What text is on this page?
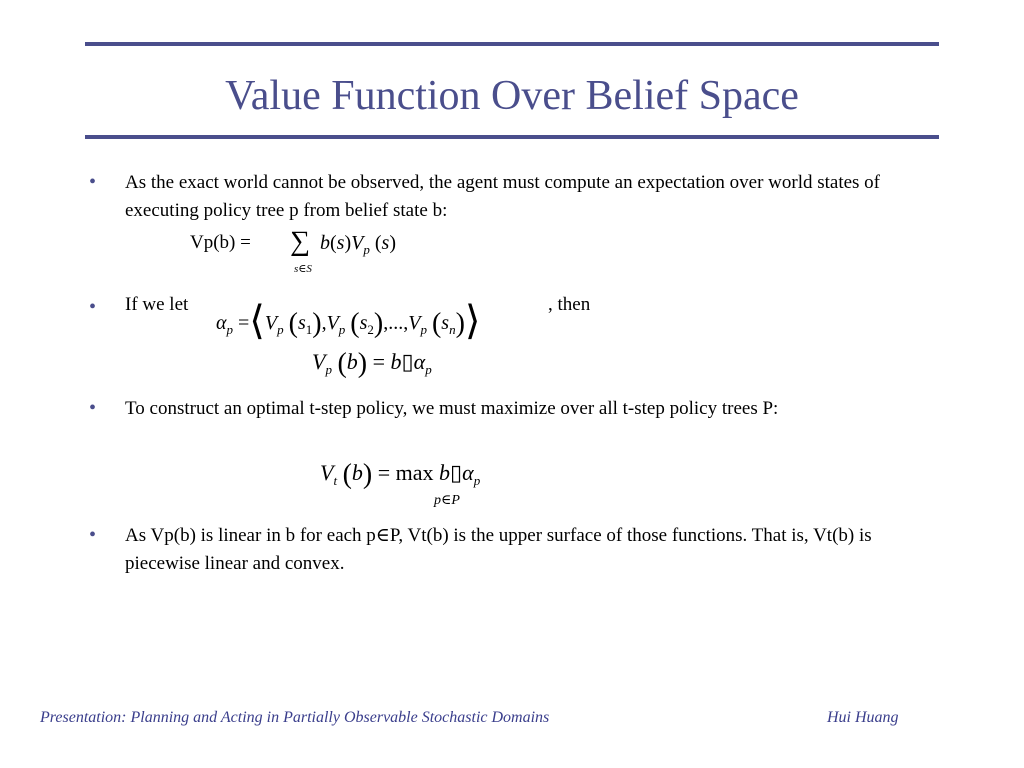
Value Function Over Belief Space
• As the exact world cannot be observed, the agent must compute an expectation over world states of executing policy tree p from belief state b:
Vp(b) = ∑
s∈S
$b(s)V_p$ (s)
• If we let
$\alpha_p$ $=⟨V_p$ $(s_1),V_p$ $(s_2),...,V_p$ $(s_n)⟩$	, then
$V_p$ $(b) = b▯\alpha_p$
• To construct an optimal t-step policy, we must maximize over all t-step policy trees P:
$V_t$ $(b) = \max b▯\alpha_p$
p∈P
• As Vp(b) is linear in b for each p∈P, Vt(b) is the upper surface of those functions. That is, Vt(b) is piecewise linear and convex.
Presentation: Planning and Acting in Partially Observable Stochastic Domains	Hui Huang
